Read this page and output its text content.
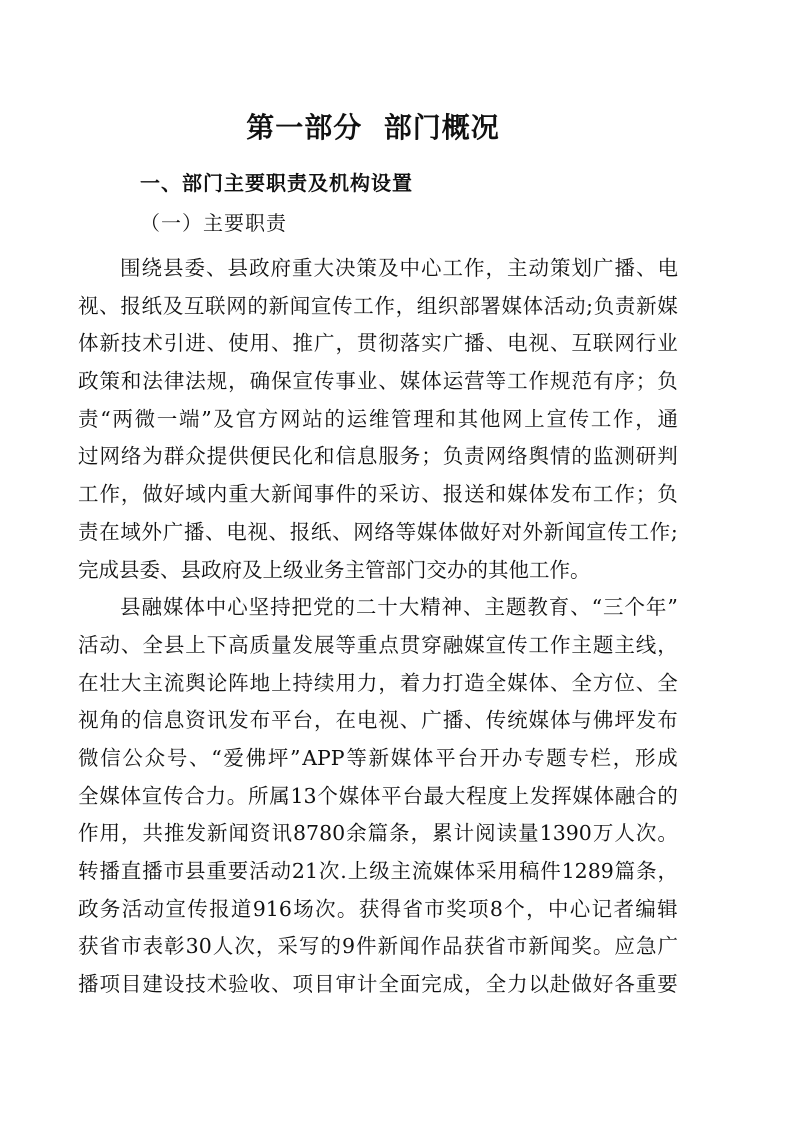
第一部分  部门概况
一、部门主要职责及机构设置
（一）主要职责
围 绕 县 委 、 县 政 府 重 大 决 策 及 中 心 工 作 ， 主 动 策 划 广 播 、 电
视 、 报 纸 及 互 联 网 的 新 闻 宣 传 工 作 ， 组 织 部 署 媒 体 活 动 ; 负 责 新 媒
体 新 技 术 引 进 、 使 用 、 推 广 ， 贯 彻 落 实 广 播 、 电 视 、 互 联 网 行 业
政 策 和 法 律 法 规 ， 确 保 宣 传 事 业 、 媒 体 运 营 等 工 作 规 范 有 序 ； 负
责 “ 两 微 一 端 ” 及 官 方 网 站 的 运 维 管 理 和 其 他 网 上 宣 传 工 作 ， 通
过 网 络 为 群 众 提 供 便 民 化 和 信 息 服 务 ； 负 责 网 络 舆 情 的 监 测 研 判
工 作 ， 做 好 域 内 重 大 新 闻 事 件 的 采 访 、 报 送 和 媒 体 发 布 工 作 ； 负
责 在 域 外 广 播 、 电 视 、 报 纸 、 网 络 等 媒 体 做 好 对 外 新 闻 宣 传 工 作 ;
完 成 县 委 、 县 政 府 及 上 级 业 务 主 管 部 门 交 办 的 其 他 工 作 。
县 融 媒 体 中 心 坚 持 把 党 的 二 十 大 精 神 、 主 题 教 育 、 “ 三 个 年 ”
活 动 、 全 县 上 下 高 质 量 发 展 等 重 点 贯 穿 融 媒 宣 传 工 作 主 题 主 线 ，
在 壮 大 主 流 舆 论 阵 地 上 持 续 用 力 ， 着 力 打 造 全 媒 体 、 全 方 位 、 全
视 角 的 信 息 资 讯 发 布 平 台 ， 在 电 视 、 广 播 、 传 统 媒 体 与 佛 坪 发 布
微 信 公 众 号 、 “ 爱 佛 坪 ” APP 等 新 媒 体 平 台 开 办 专 题 专 栏 ， 形 成
全 媒 体 宣 传 合 力 。 所 属 13 个 媒 体 平 台 最 大 程 度 上 发 挥 媒 体 融 合 的
作 用 ， 共 推 发 新 闻 资 讯 8780 余 篇 条 ， 累 计 阅 读 量 1390 万 人 次 。
转 播 直 播 市 县 重 要 活 动 21 次 . 上 级 主 流 媒 体 采 用 稿 件 1289 篇 条 ，
政 务 活 动 宣 传 报 道 916 场 次 。 获 得 省 市 奖 项 8 个 ， 中 心 记 者 编 辑
获 省 市 表 彰 30 人 次 ， 采 写 的 9 件 新 闻 作 品 获 省 市 新 闻 奖 。 应 急 广
播 项 目 建 设 技 术 验 收 、 项 目 审 计 全 面 完 成 ， 全 力 以 赴 做 好 各 重 要
